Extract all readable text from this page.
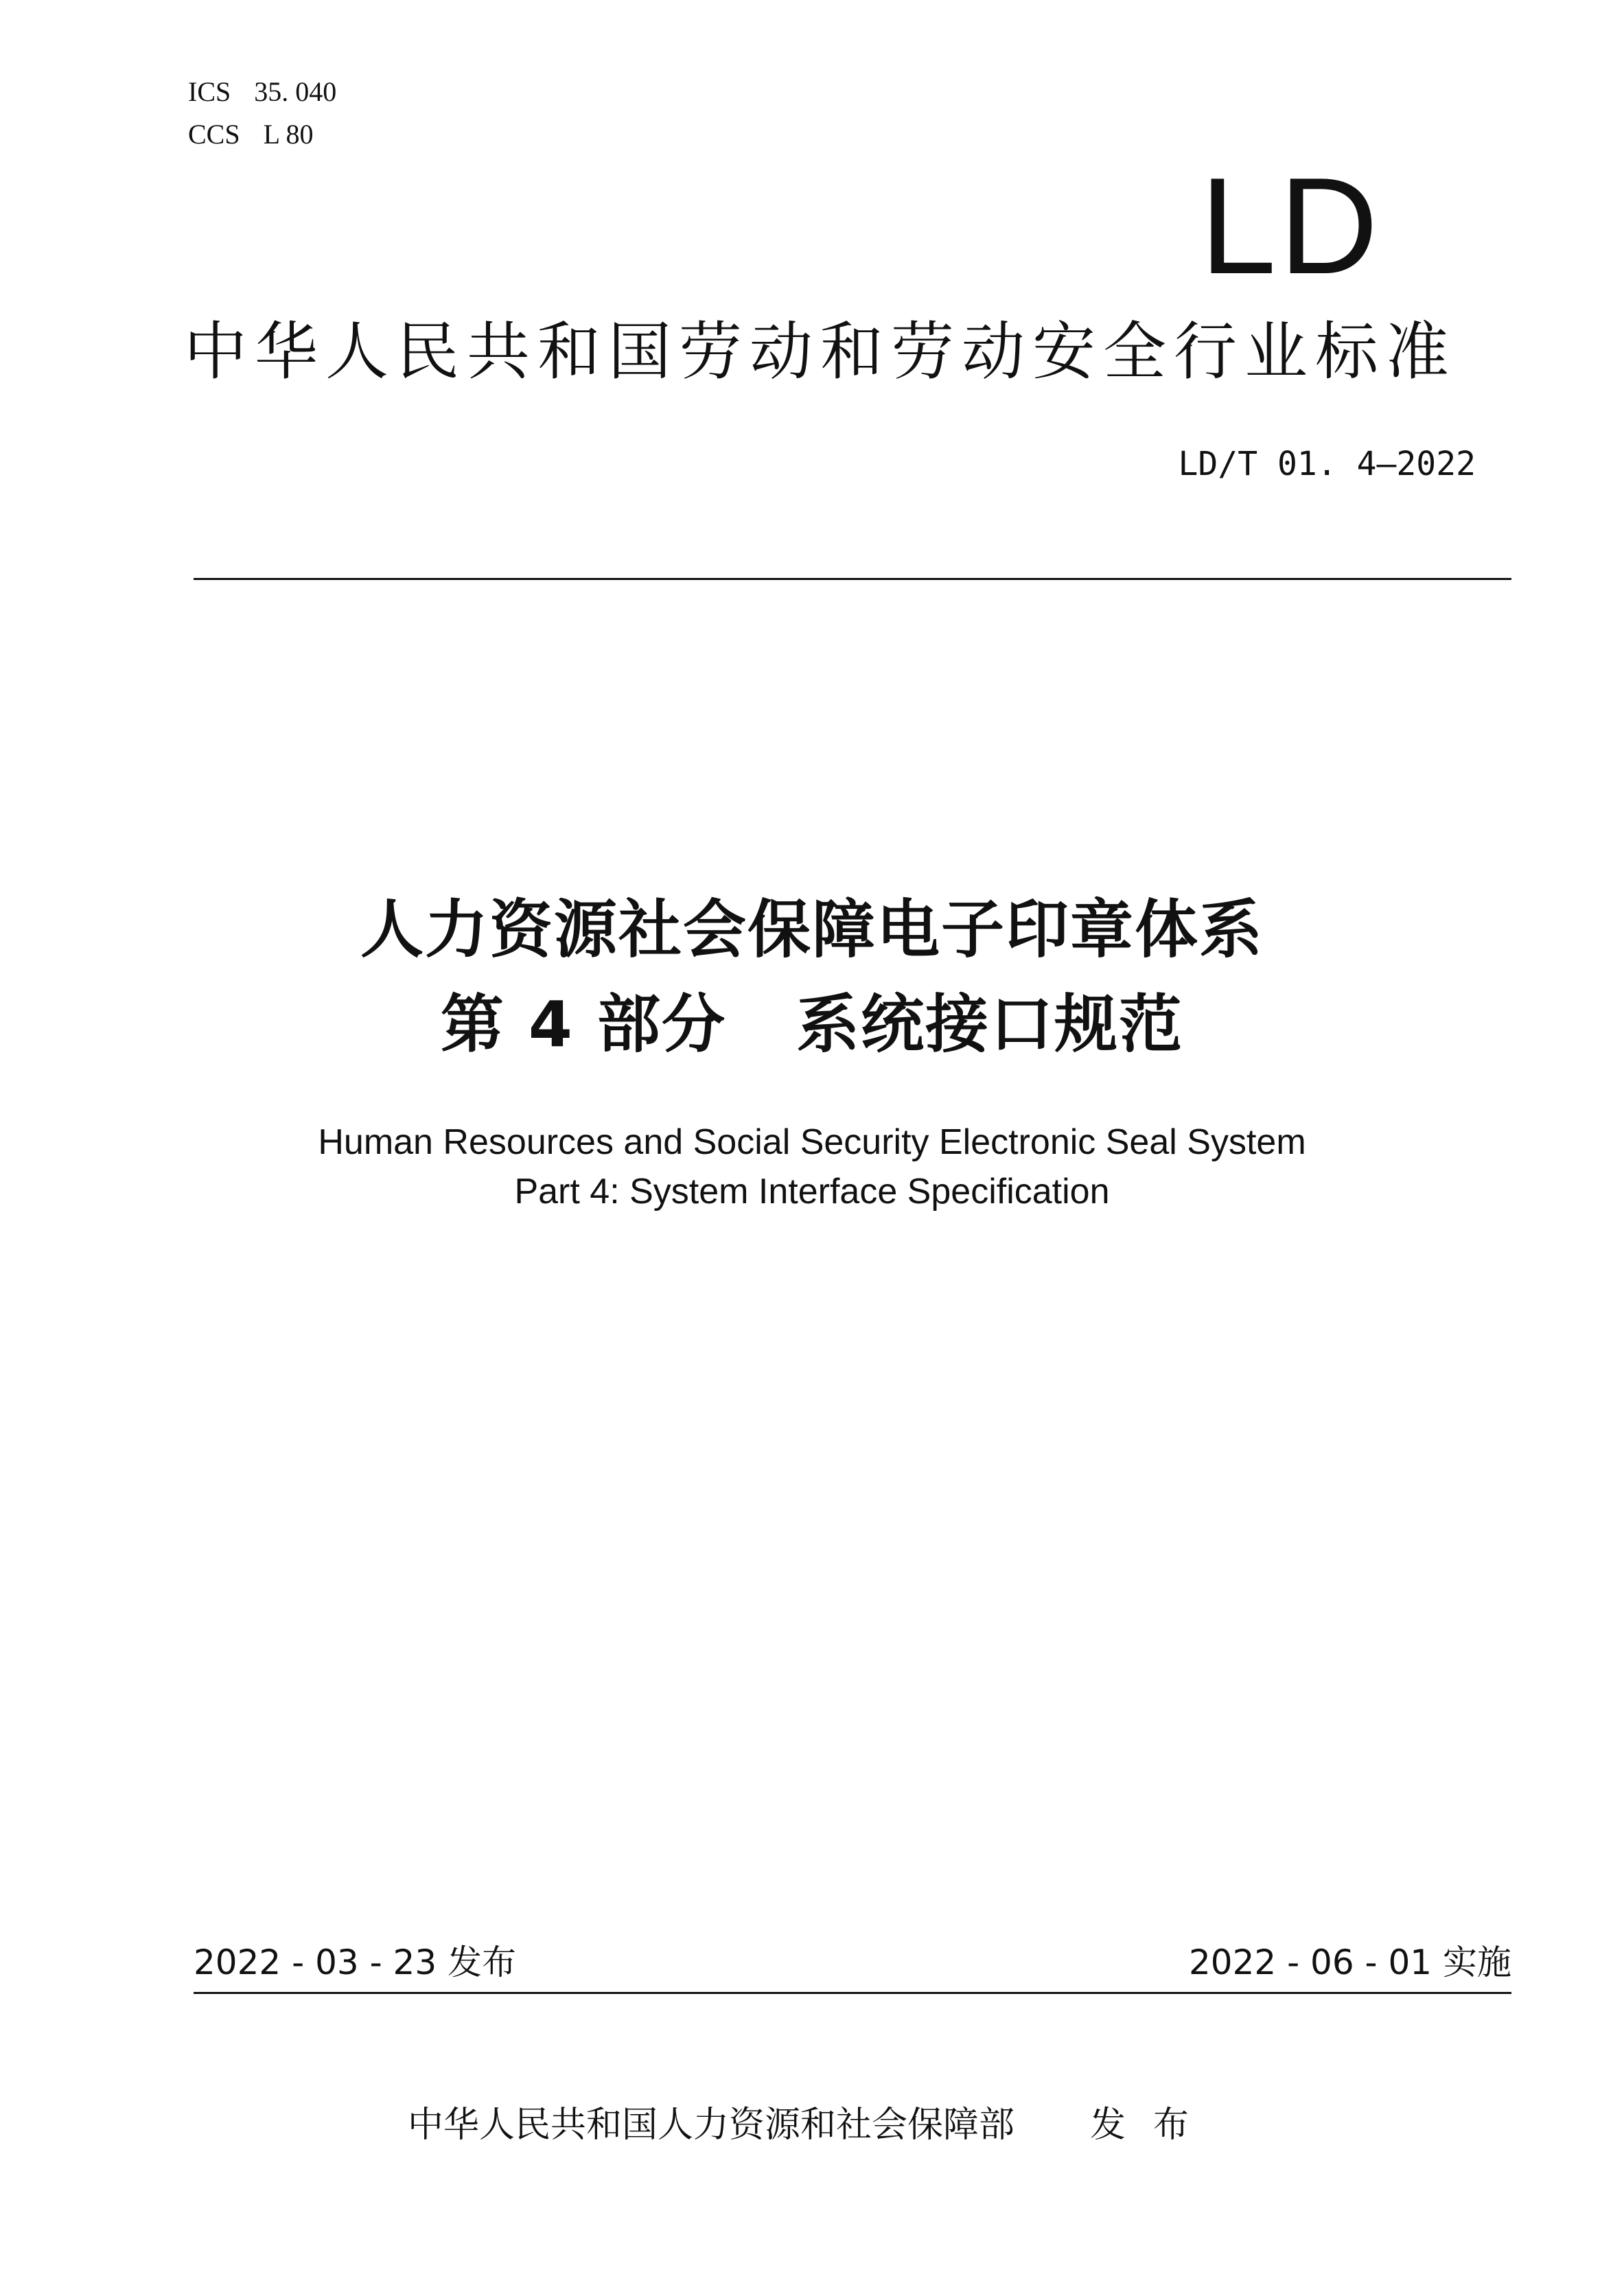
ICS 35. 040
CCS L 80
LD
中华人民共和国劳动和劳动安全行业标准
LD/T 01. 4—2022
人力资源社会保障电子印章体系
第 4 部分   系统接口规范
Human Resources and Social Security Electronic Seal System
Part 4: System Interface Specification
2022 - 03 - 23 发布	2022 - 06 - 01 实施
中华人民共和国人力资源和社会保障部 发布
